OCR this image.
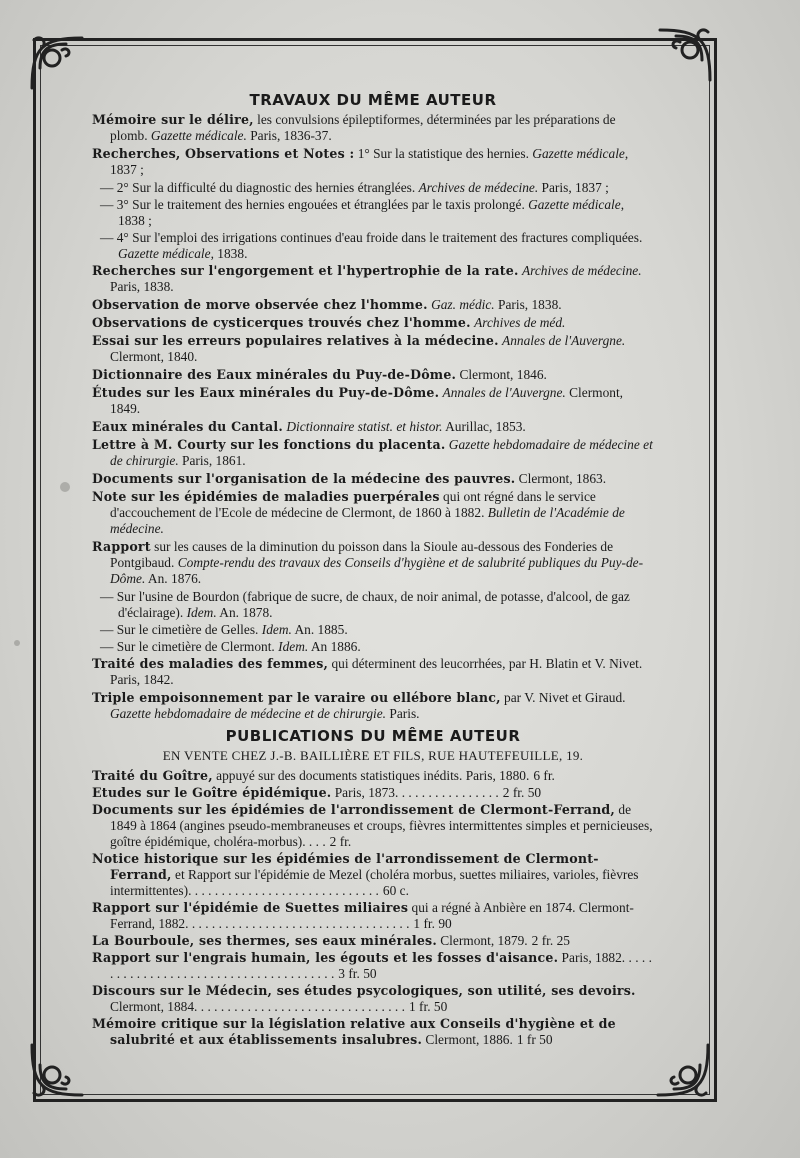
TRAVAUX DU MÊME AUTEUR
Mémoire sur le délire, les convulsions épileptiformes, déterminées par les préparations de plomb. Gazette médicale. Paris, 1836-37.
Recherches, Observations et Notes : 1° Sur la statistique des hernies. Gazette médicale, 1837 ;
— 2° Sur la difficulté du diagnostic des hernies étranglées. Archives de médecine. Paris, 1837 ;
— 3° Sur le traitement des hernies engouées et étranglées par le taxis prolongé. Gazette médicale, 1838 ;
— 4° Sur l'emploi des irrigations continues d'eau froide dans le traitement des fractures compliquées. Gazette médicale, 1838.
Recherches sur l'engorgement et l'hypertrophie de la rate. Archives de médecine. Paris, 1838.
Observation de morve observée chez l'homme. Gaz. médic. Paris, 1838.
Observations de cysticerques trouvés chez l'homme. Archives de méd.
Essai sur les erreurs populaires relatives à la médecine. Annales de l'Auvergne. Clermont, 1840.
Dictionnaire des Eaux minérales du Puy-de-Dôme. Clermont, 1846.
Études sur les Eaux minérales du Puy-de-Dôme. Annales de l'Auvergne. Clermont, 1849.
Eaux minérales du Cantal. Dictionnaire statist. et histor. Aurillac, 1853.
Lettre à M. Courty sur les fonctions du placenta. Gazette hebdomadaire de médecine et de chirurgie. Paris, 1861.
Documents sur l'organisation de la médecine des pauvres. Clermont, 1863.
Note sur les épidémies de maladies puerpérales qui ont régné dans le service d'accouchement de l'Ecole de médecine de Clermont, de 1860 à 1882. Bulletin de l'Académie de médecine.
Rapport sur les causes de la diminution du poisson dans la Sioule au-dessous des Fonderies de Pontgibaud. Compte-rendu des travaux des Conseils d'hygiène et de salubrité publiques du Puy-de-Dôme. An. 1876.
— Sur l'usine de Bourdon (fabrique de sucre, de chaux, de noir animal, de potasse, d'alcool, de gaz d'éclairage). Idem. An. 1878.
— Sur le cimetière de Gelles. Idem. An. 1885.
— Sur le cimetière de Clermont. Idem. An 1886.
Traité des maladies des femmes, qui déterminent des leucorrhées, par H. Blatin et V. Nivet. Paris, 1842.
Triple empoisonnement par le varaire ou ellébore blanc, par V. Nivet et Giraud. Gazette hebdomadaire de médecine et de chirurgie. Paris.
PUBLICATIONS DU MÊME AUTEUR
EN VENTE CHEZ J.-B. BAILLIÈRE ET FILS, RUE HAUTEFEUILLE, 19.
Traité du Goître, appuyé sur des documents statistiques inédits. Paris, 1880. 6 fr.
Etudes sur le Goître épidémique. Paris, 1873. . . . . . . . . . . . . . . . 2 fr. 50
Documents sur les épidémies de l'arrondissement de Clermont-Ferrand, de 1849 à 1864 (angines pseudo-membraneuses et croups, fièvres intermittentes simples et pernicieuses, goître épidémique, choléra-morbus). . . . 2 fr.
Notice historique sur les épidémies de l'arrondissement de Clermont-Ferrand, et Rapport sur l'épidémie de Mezel (choléra morbus, suettes miliaires, varioles, fièvres intermittentes). . . . . . . . . . . . . . . . . . . . . . . . . . . . . 60 c.
Rapport sur l'épidémie de Suettes miliaires qui a régné à Anbière en 1874. Clermont-Ferrand, 1882. . . . . . . . . . . . . . . . . . . . . . . . . . . . . . . . . . 1 fr. 90
La Bourboule, ses thermes, ses eaux minérales. Clermont, 1879. 2 fr. 25
Rapport sur l'engrais humain, les égouts et les fosses d'aisance. Paris, 1882. . . . . . . . . . . . . . . . . . . . . . . . . . . . . . . . . . . . . . . 3 fr. 50
Discours sur le Médecin, ses études psycologiques, son utilité, ses devoirs. Clermont, 1884. . . . . . . . . . . . . . . . . . . . . . . . . . . . . . . . 1 fr. 50
Mémoire critique sur la législation relative aux Conseils d'hygiène et de salubrité et aux établissements insalubres. Clermont, 1886. 1 fr 50
